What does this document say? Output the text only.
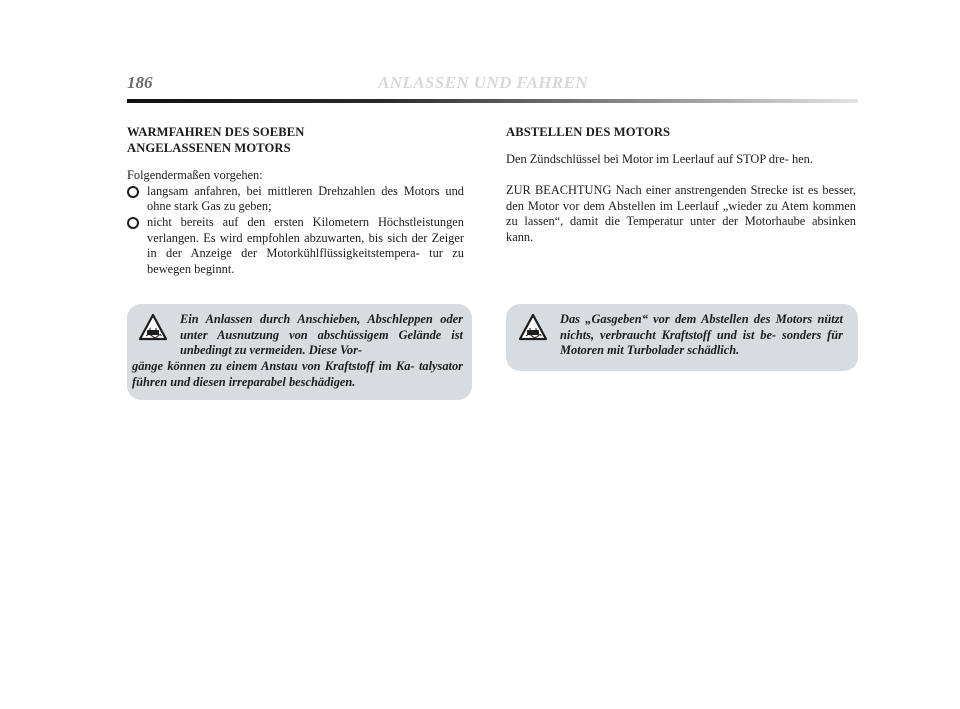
186	ANLASSEN UND FAHREN
WARMFAHREN DES SOEBEN
ANGELASSENEN MOTORS
Folgendermaßen vorgehen:
langsam anfahren, bei mittleren Drehzahlen des Motors und ohne stark Gas zu geben;
nicht bereits auf den ersten Kilometern Höchstleistungen verlangen. Es wird empfohlen abzuwarten, bis sich der Zeiger in der Anzeige der Motorkühlflüssigkeitstempera- tur zu bewegen beginnt.
Ein Anlassen durch Anschieben, Abschleppen oder unter Ausnutzung von abschüssigem Gelände ist unbedingt zu vermeiden. Diese Vor-
gänge können zu einem Anstau von Kraftstoff im Ka- talysator führen und diesen irreparabel beschädigen.
ABSTELLEN DES MOTORS
Den Zündschlüssel bei Motor im Leerlauf auf STOP dre- hen.
ZUR BEACHTUNG Nach einer anstrengenden Strecke ist es besser, den Motor vor dem Abstellen im Leerlauf „wieder zu Atem kommen zu lassen“, damit die Temperatur unter der Motorhaube absinken kann.
Das „Gasgeben“ vor dem Abstellen des Motors nützt nichts, verbraucht Kraftstoff und ist be- sonders für Motoren mit Turbolader schädlich.
